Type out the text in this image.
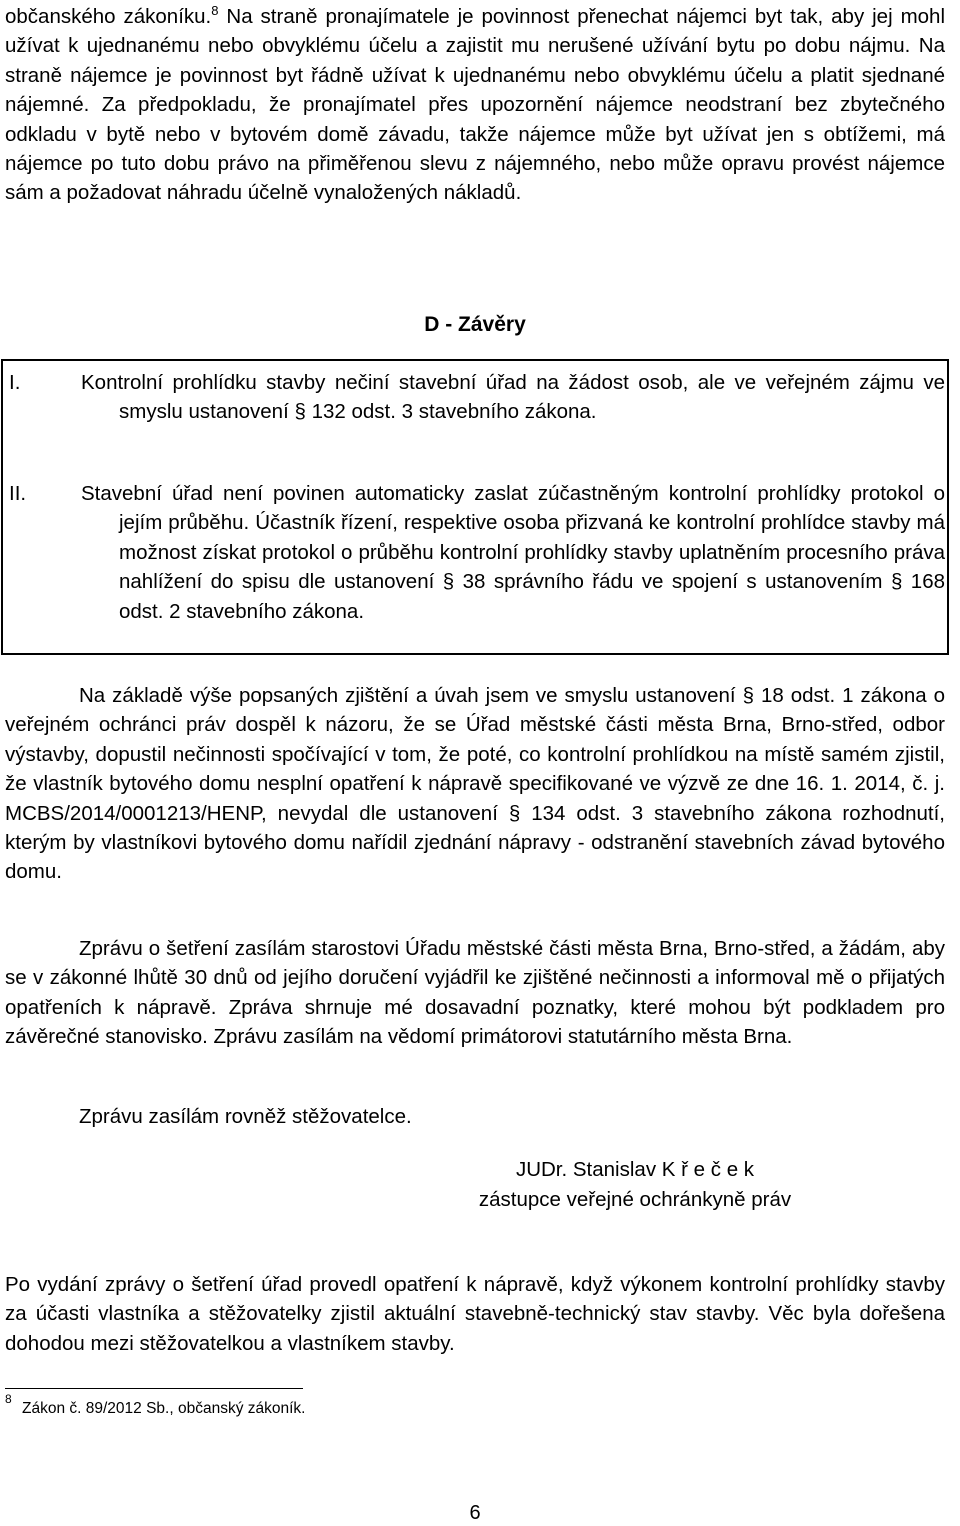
občanského zákoníku.$^8$ Na straně pronajímatele je povinnost přenechat nájemci byt tak, aby jej mohl užívat k ujednanému nebo obvyklému účelu a zajistit mu nerušené užívání bytu po dobu nájmu. Na straně nájemce je povinnost byt řádně užívat k ujednanému nebo obvyklému účelu a platit sjednané nájemné. Za předpokladu, že pronajímatel přes upozornění nájemce neodstraní bez zbytečného odkladu v bytě nebo v bytovém domě závadu, takže nájemce může byt užívat jen s obtížemi, má nájemce po tuto dobu právo na přiměřenou slevu z nájemného, nebo může opravu provést nájemce sám a požadovat náhradu účelně vynaložených nákladů.

D - Závěry
I.	Kontrolní prohlídku stavby nečiní stavební úřad na žádost osob, ale ve veřejném zájmu ve smyslu ustanovení § 132 odst. 3 stavebního zákona.
II.	Stavební úřad není povinen automaticky zaslat zúčastněným kontrolní prohlídky protokol o jejím průběhu. Účastník řízení, respektive osoba přizvaná ke kontrolní prohlídce stavby má možnost získat protokol o průběhu kontrolní prohlídky stavby uplatněním procesního práva nahlížení do spisu dle ustanovení § 38 správního řádu ve spojení s ustanovením § 168 odst. 2 stavebního zákona.

Na základě výše popsaných zjištění a úvah jsem ve smyslu ustanovení § 18 odst. 1 zákona o veřejném ochránci práv dospěl k názoru, že se Úřad městské části města Brna, Brno-střed, odbor výstavby, dopustil nečinnosti spočívající v tom, že poté, co kontrolní prohlídkou na místě samém zjistil, že vlastník bytového domu nesplní opatření k nápravě specifikované ve výzvě ze dne 16. 1. 2014, č. j. MCBS/2014/0001213/HENP, nevydal dle ustanovení § 134 odst. 3 stavebního zákona rozhodnutí, kterým by vlastníkovi bytového domu nařídil zjednání nápravy - odstranění stavebních závad bytového domu.

Zprávu o šetření zasílám starostovi Úřadu městské části města Brna, Brno-střed, a žádám, aby se v zákonné lhůtě 30 dnů od jejího doručení vyjádřil ke zjištěné nečinnosti a informoval mě o přijatých opatřeních k nápravě. Zpráva shrnuje mé dosavadní poznatky, které mohou být podkladem pro závěrečné stanovisko. Zprávu zasílám na vědomí primátorovi statutárního města Brna.

Zprávu zasílám rovněž stěžovatelce.

JUDr. Stanislav K ř e č e k
zástupce veřejné ochránkyně práv

Po vydání zprávy o šetření úřad provedl opatření k nápravě, když výkonem kontrolní prohlídky stavby za účasti vlastníka a stěžovatelky zjistil aktuální stavebně-technický stav stavby. Věc byla dořešena dohodou mezi stěžovatelkou a vlastníkem stavby.

$^8$ Zákon č. 89/2012 Sb., občanský zákoník.
6
